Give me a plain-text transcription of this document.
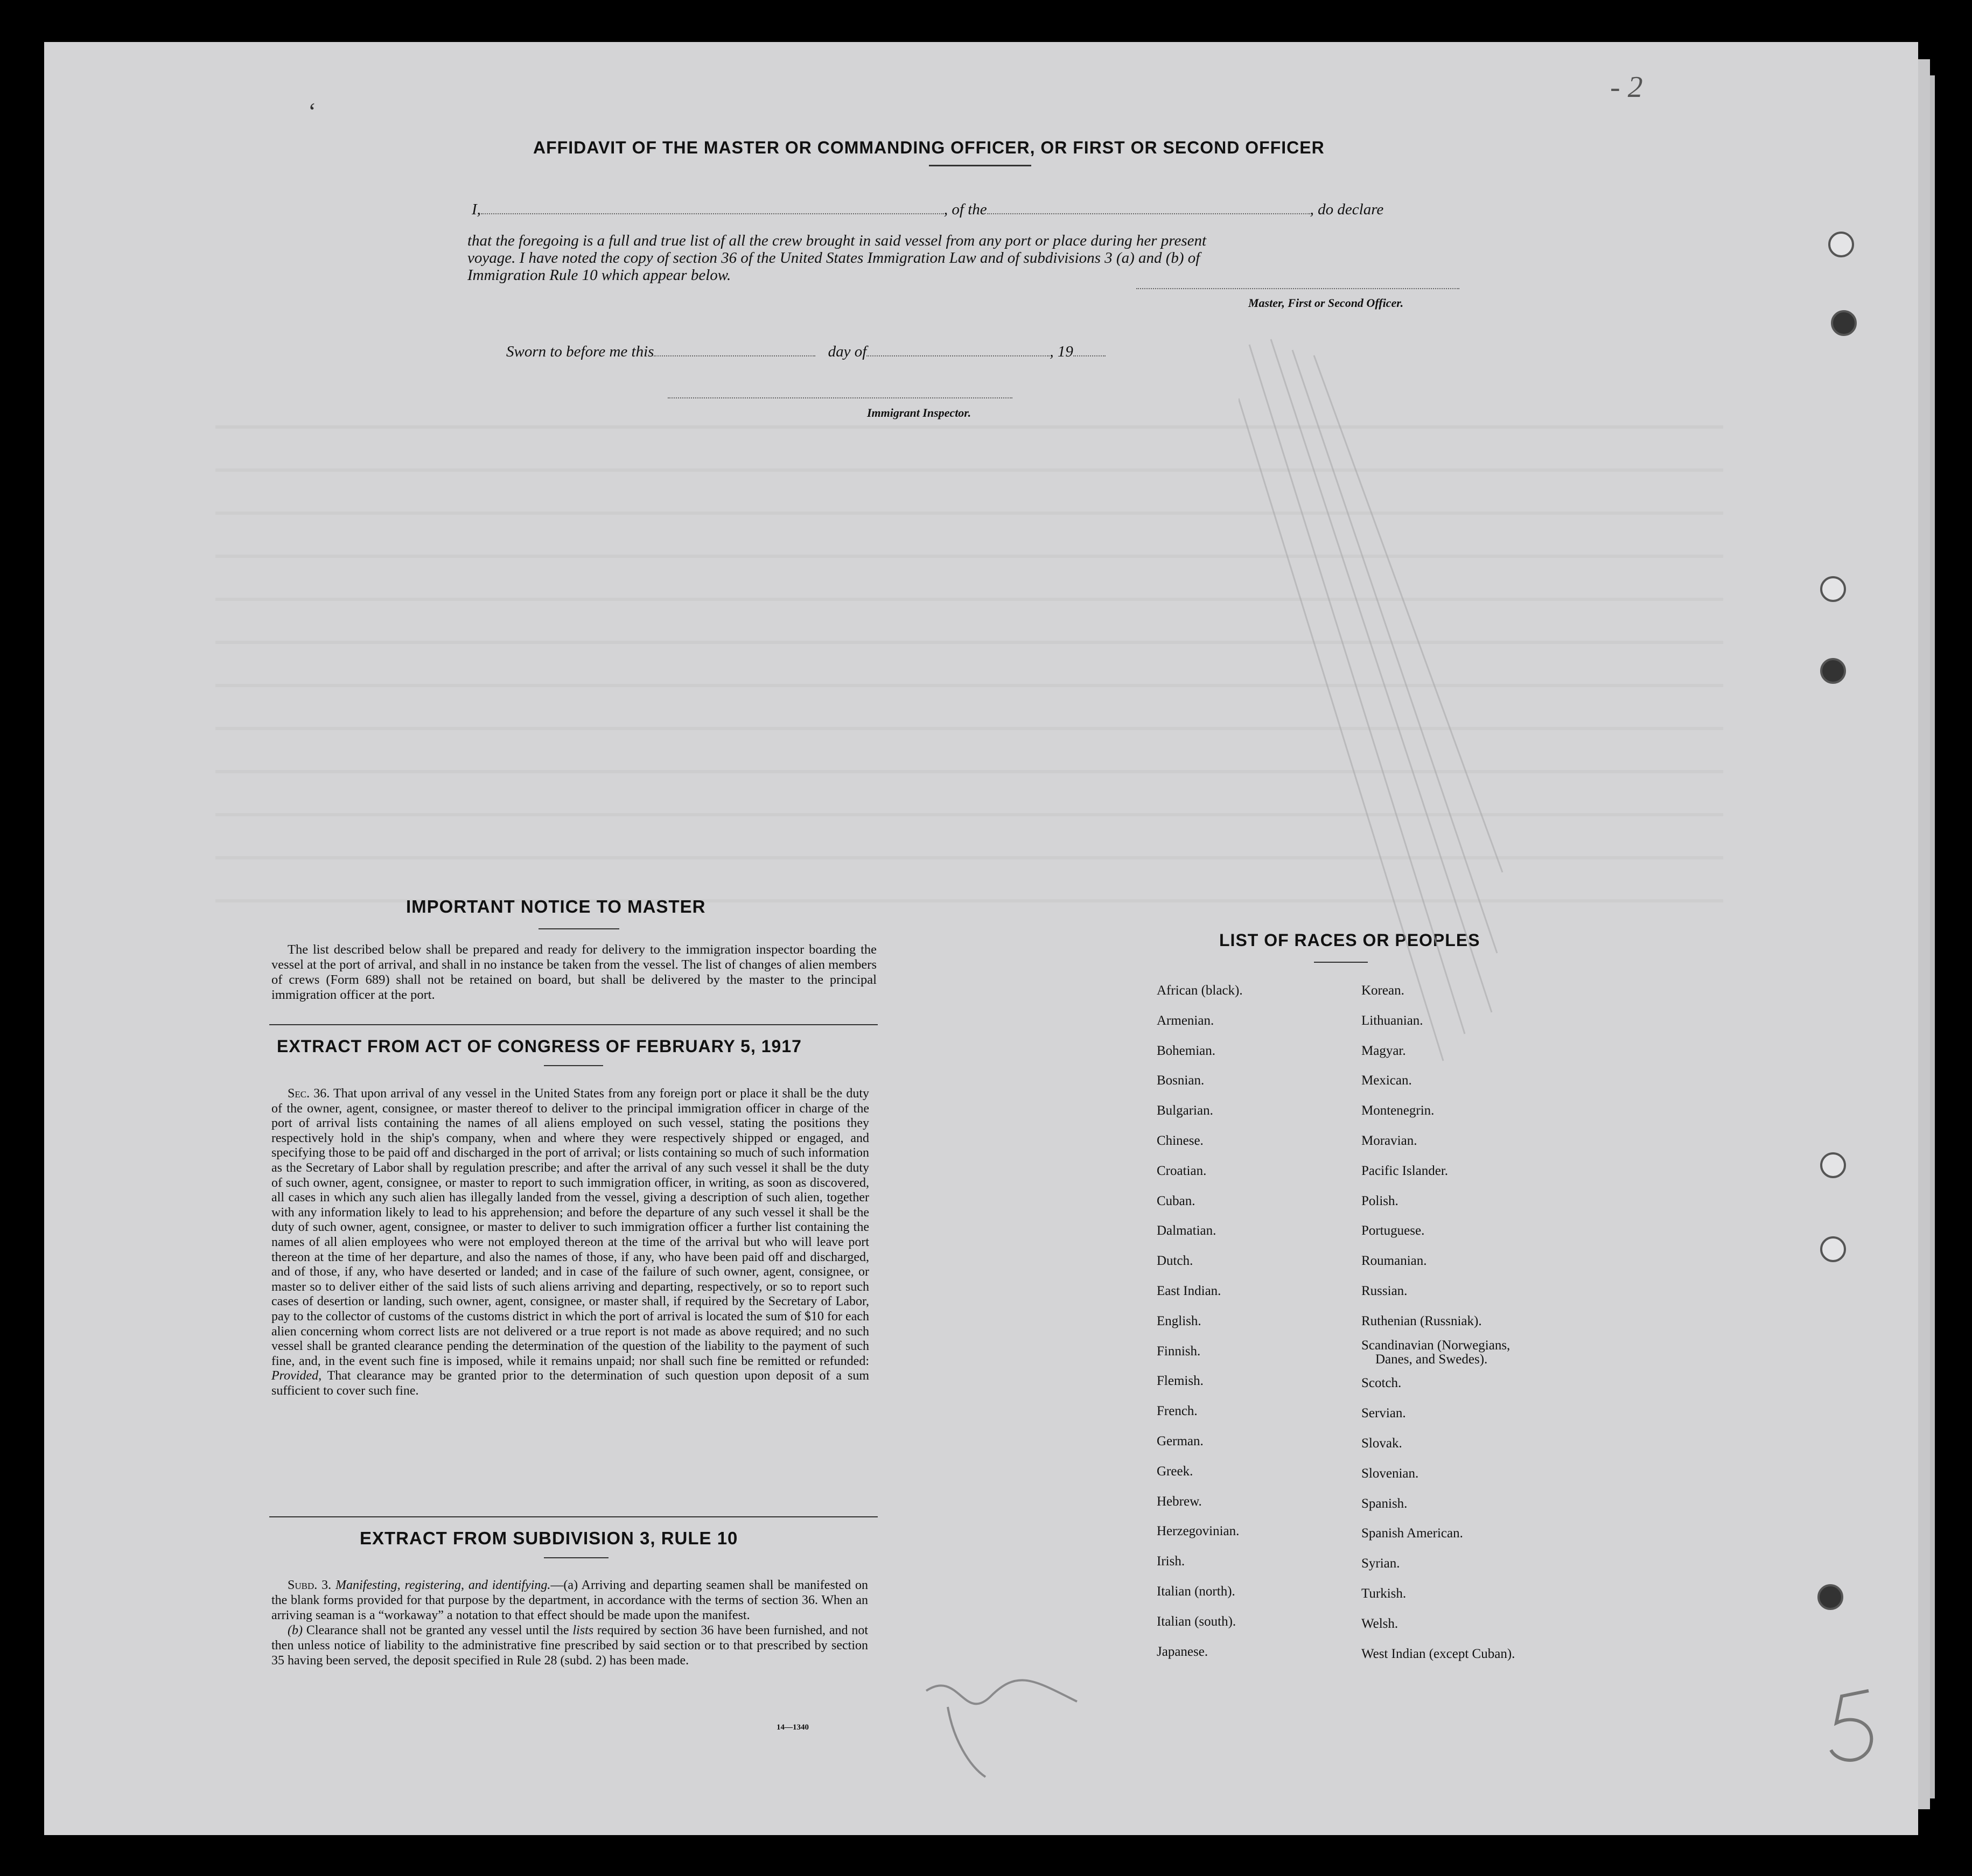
AFFIDAVIT OF THE MASTER OR COMMANDING OFFICER, OR FIRST OR SECOND OFFICER
I,	, of the	, do declare
that the foregoing is a full and true list of all the crew brought in said vessel from any port or place during her present
voyage. I have noted the copy of section 36 of the United States Immigration Law and of subdivisions 3 (a) and (b) of
Immigration Rule 10 which appear below.
Master, First or Second Officer.
Sworn to before me this	day of	, 19
Immigrant Inspector.
IMPORTANT NOTICE TO MASTER
The list described below shall be prepared and ready for delivery to the immigration inspector boarding the vessel at the port of arrival, and shall in no instance be taken from the vessel. The list of changes of alien members of crews (Form 689) shall not be retained on board, but shall be delivered by the master to the principal immigration officer at the port.
EXTRACT FROM ACT OF CONGRESS OF FEBRUARY 5, 1917
Sec. 36. That upon arrival of any vessel in the United States from any foreign port or place it shall be the duty of the owner, agent, consignee, or master thereof to deliver to the principal immigration officer in charge of the port of arrival lists containing the names of all aliens employed on such vessel, stating the positions they respectively hold in the ship's company, when and where they were respectively shipped or engaged, and specifying those to be paid off and discharged in the port of arrival; or lists containing so much of such information as the Secretary of Labor shall by regulation prescribe; and after the arrival of any such vessel it shall be the duty of such owner, agent, consignee, or master to report to such immigration officer, in writing, as soon as discovered, all cases in which any such alien has illegally landed from the vessel, giving a description of such alien, together with any information likely to lead to his apprehension; and before the departure of any such vessel it shall be the duty of such owner, agent, consignee, or master to deliver to such immigration officer a further list containing the names of all alien employees who were not employed thereon at the time of the arrival but who will leave port thereon at the time of her departure, and also the names of those, if any, who have been paid off and discharged, and of those, if any, who have deserted or landed; and in case of the failure of such owner, agent, consignee, or master so to deliver either of the said lists of such aliens arriving and departing, respectively, or so to report such cases of desertion or landing, such owner, agent, consignee, or master shall, if required by the Secretary of Labor, pay to the collector of customs of the customs district in which the port of arrival is located the sum of $10 for each alien concerning whom correct lists are not delivered or a true report is not made as above required; and no such vessel shall be granted clearance pending the determination of the question of the liability to the payment of such fine, and, in the event such fine is imposed, while it remains unpaid; nor shall such fine be remitted or refunded: Provided, That clearance may be granted prior to the determination of such question upon deposit of a sum sufficient to cover such fine.
EXTRACT FROM SUBDIVISION 3, RULE 10

Subd. 3. Manifesting, registering, and identifying.—(a) Arriving and departing seamen shall be manifested on the blank forms provided for that purpose by the department, in accordance with the terms of section 36. When an arriving seaman is a “workaway” a notation to that effect should be made upon the manifest.

(b) Clearance shall not be granted any vessel until the lists required by section 36 have been furnished, and not then unless notice of liability to the administrative fine prescribed by said section or to that prescribed by section 35 having been served, the deposit specified in Rule 28 (subd. 2) has been made.

14—1340
LIST OF RACES OR PEOPLES
African (black).
Armenian.
Bohemian.
Bosnian.
Bulgarian.
Chinese.
Croatian.
Cuban.
Dalmatian.
Dutch.
East Indian.
English.
Finnish.
Flemish.
French.
German.
Greek.
Hebrew.
Herzegovinian.
Irish.
Italian (north).
Italian (south).
Japanese.
Korean.
Lithuanian.
Magyar.
Mexican.
Montenegrin.
Moravian.
Pacific Islander.
Polish.
Portuguese.
Roumanian.
Russian.
Ruthenian (Russniak).
Scandinavian (Norwegians,
Danes, and Swedes).
Scotch.
Servian.
Slovak.
Slovenian.
Spanish.
Spanish American.
Syrian.
Turkish.
Welsh.
West Indian (except Cuban).
‘
- 2
